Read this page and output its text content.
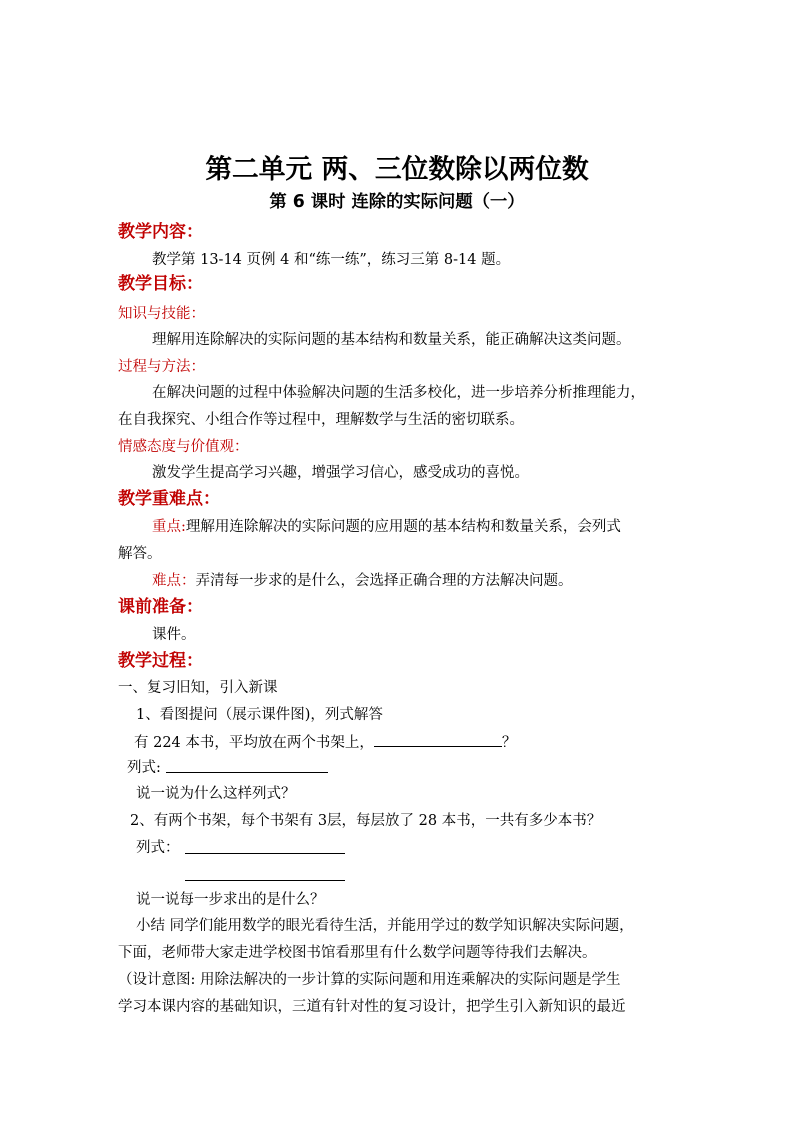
第二单元 两、三位数除以两位数
第 6 课时 连除的实际问题（一）
教学内容：
教学第 13-14 页例 4 和“练一练”，练习三第 8-14 题。
教学目标：
知识与技能：
理解用连除解决的实际问题的基本结构和数量关系，能正确解决这类问题。
过程与方法：
在解决问题的过程中体验解决问题的生活多校化，进一步培养分析推理能力，
在自我探究、小组合作等过程中，理解数学与生活的密切联系。
情感态度与价值观：
激发学生提高学习兴趣，增强学习信心，感受成功的喜悦。
教学重难点：
重点:理解用连除解决的实际问题的应用题的基本结构和数量关系，会列式
解答。
难点：弄清每一步求的是什么，会选择正确合理的方法解决问题。
课前准备：
课件。
教学过程：
一、复习旧知，引入新课
1、看图提问（展示课件图)，列式解答
有 224 本书，平均放在两个书架上，	？
列式:
说一说为什么这样列式？
2、有两个书架，每个书架有 3层，每层放了 28 本书，一共有多少本书？
列式：
说一说每一步求出的是什么？
小结 同学们能用数学的眼光看待生活，并能用学过的数学知识解决实际问题，
下面，老师带大家走进学校图书馆看那里有什么数学问题等待我们去解决。
（设计意图: 用除法解决的一步计算的实际问题和用连乘解决的实际问题是学生
学习本课内容的基础知识，三道有针对性的复习设计，把学生引入新知识的最近
